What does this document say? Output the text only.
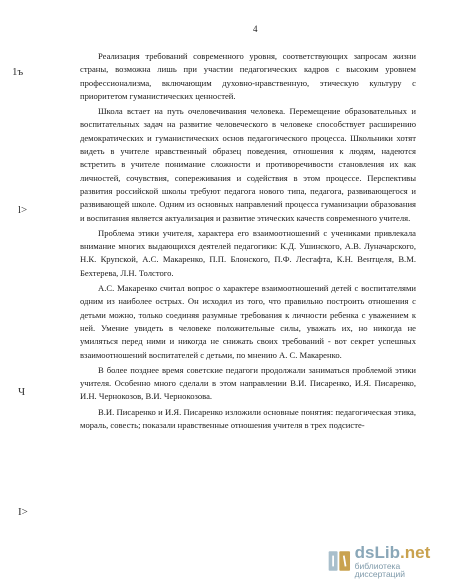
4
1ъ
l>
Ч
I>

Реализация требований современного уровня, соответствующих запросам жизни страны, возможна лишь при участии педагогических кадров с высоким уровнем профессионализма, включающим духовно-нравственную, этическую культуру с приоритетом гуманистических ценностей.

Школа встает на путь очеловечивания человека. Перемещение образовательных и воспитательных задач на развитие человеческого в человеке способствует расширению демократических и гуманистических основ педагогического процесса. Школьники хотят видеть в учителе нравственный образец поведения, отношения к людям, надеются встретить в учителе понимание сложности и противоречивости становления их как личностей, сочувствия, сопереживания и содействия в этом процессе. Перспективы развития российской школы требуют педагога нового типа, педагога, развивающегося и развивающей школе. Одним из основных направлений процесса гуманизации образования и воспитания является актуализация и развитие этических качеств современного учителя.

Проблема этики учителя, характера его взаимоотношений с учениками привлекала внимание многих выдающихся деятелей педагогики: К.Д. Ушинского, А.В. Луначарского, Н.К. Крупской, А.С. Макаренко, П.П. Блонского, П.Ф. Лесгафта, К.Н. Вентцеля, В.М. Бехтерева, Л.Н. Толстого.

А.С. Макаренко считал вопрос о характере взаимоотношений детей с воспитателями одним из наиболее острых. Он исходил из того, что правильно построить отношения с детьми можно, только соединяя разумные требования к личности ребенка с уважением к ней. Умение увидеть в человеке положительные силы, уважать их, но никогда не умиляться перед ними и никогда не снижать своих требований - вот секрет успешных взаимоотношений воспитателей с детьми, по мнению А. С. Макаренко.

В более позднее время советские педагоги продолжали заниматься проблемой этики учителя. Особенно много сделали в этом направлении В.И. Писаренко, И.Я. Писаренко, И.Н. Чернокозов, В.И. Чернокозова.

В.И. Писаренко и И.Я. Писаренко изложили основные понятия: педагогическая этика, мораль, совесть; показали нравственные отношения учителя в трех подсисте-

dsLib.net
библиотека диссертаций
